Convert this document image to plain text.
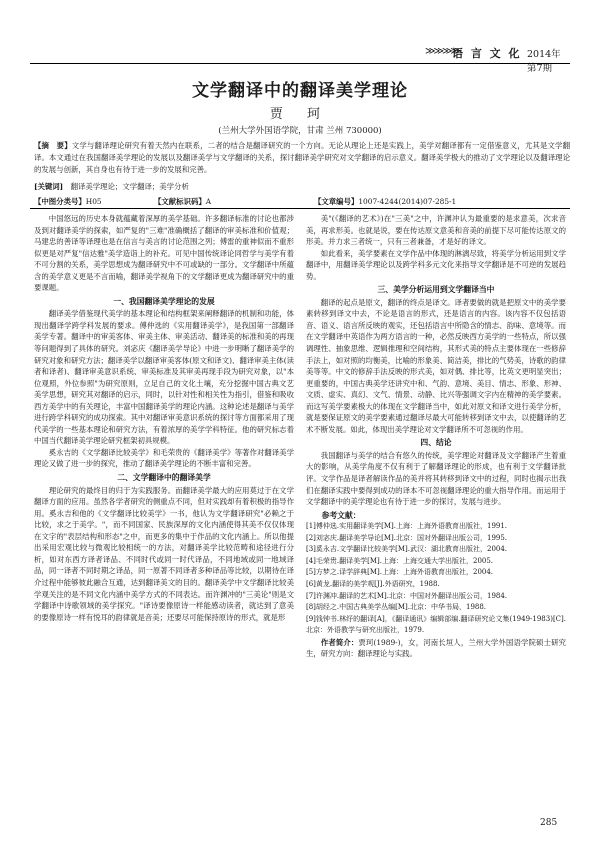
≫≫≫≫
语 言 文 化 2014年第7期
文学翻译中的翻译美学理论
贾 珂
(兰州大学外国语学院，甘肃 兰州 730000)
【摘　要】文学与翻译理论研究有着天然内在联系，二者的结合是翻译研究的一个方向。无论从理论上还是实践上，美学对翻译都有一定借鉴意义，尤其是文学翻译。本文通过在我国翻译美学理论的发展以及翻译美学与文学翻译的关系，探讨翻译美学研究对文学翻译的启示意义。翻译美学极大的推动了文学理论以及翻译理论的发展与创新，其自身也有待于进一步的发展和完善。
[关键词]　 翻译美学理论；文学翻译；美学分析
【中图分类号】H05	【文献标识码】A	【文章编号】1007-4244(2014)07-285-1

中国悠远的历史本身就蕴藏着深厚的美学基础。许多翻译标准的讨论也都涉及到对翻译美学的探索，如严复的"三难"准确概括了翻译的审美标准和价值观；马建忠的善译等译理也是在信言与美言的讨论范围之列；傅雷的重神似而不重形似更是对严复"信达雅"美学造诣上的补充。可见中国传统译论同哲学与美学有着不可分割的关系，美学思想成为翻译研究中不可或缺的一部分。文学翻译中所蕴含的美学意义更是不言而喻，翻译美学视角下的文学翻译更成为翻译研究中的重要课题。

一、我国翻译美学理论的发展

翻译美学借鉴现代美学的基本理论和结构框架来阐释翻译的机制和功能，体现出翻译学跨学科发展的要求。傅仲选的《实用翻译美学》，是我国第一部翻译美学专著。翻译中的审美客体、审美主体、审美活动、翻译美的标准和美的再现等问题得到了具体的研究。刘宓庆《翻译美学导论》中进一步明晰了翻译美学的研究对象和研究方法；翻译美学以翻译审美客体(原文和译文)、翻译审美主体(读者和译者)、翻译审美意识系统、审美标准及其审美再现手段为研究对象，以"本位观照，外位参照"为研究原则，立足自己的文化土壤，充分挖掘中国古典文艺美学思想，研究其对翻译的启示，同时，以针对性和相关性为指引，借鉴和吸收西方美学中的有关理论，丰富中国翻译美学的理论内涵。这种论述是翻译与美学进行跨学科研究的成功探索。其中对翻译审美意识系统的探讨等方面都采用了现代美学的一些基本理论和研究方法，有着浓厚的美学学科特征。他的研究标志着中国当代翻译美学理论研究框架初具规模。

奚永吉的《文学翻译比较美学》和毛荣贵的《翻译美学》等著作对翻译美学理论又做了进一步的探究，推动了翻译美学理论的不断丰富和完善。

二、文学翻译中的翻译美学

理论研究的最终目的归于为实践服务。而翻译美学最大的应用莫过于在文学翻译方面的应用。虽然各学者研究的侧重点不同，但对实践却有着积极的指导作用。奚永吉和他的《文学翻译比较美学》一书，他认为文学翻译研究"必赖之于比较，求之于美学。"，而不同国家、民族深厚的文化内涵使得其美不仅仅体现在文字的"表层结构和形态"之中，而更多的集中于作品的文化内涵上。所以他提出采用宏观比较与微观比较相统一的方法，对翻译美学比较范畴和途径进行分析，如对东西方译者译品、不同时代或同一时代译品，不同地域或同一地域译品，同一译者不同时期之译品，同一原著不同译者多种译品等比较，以期待在译介过程中能够彼此融合互通，达到翻译美文的目的。翻译美学中文学翻译比较美学观关注的是不同文化内涵中美学方式的不同表达。而许渊冲的"三美论"则是文学翻译中诗歌领域的美学探究。"译诗要像原诗一样能感动读者，就达到了意美的要像原诗一样有悦耳的韵律就是音美；还要尽可能保持原诗的形式，就是形

美"(《翻译的艺术》)在"三美"之中，许渊冲认为最重要的是求意美，次求音美，再求形美。也就是说，要在传达原文意美和音美的前提下尽可能传达原文的形美。并力求三者统一，只有三者兼备，才是好的译文。

如此看来，美学要素在文学作品中体现的淋漓尽致，将美学分析运用到文学翻译中，用翻译美学理论以及跨学科多元文化来指导文学翻译是不可逆的发展趋势。

三、美学分析运用到文学翻译当中

翻译的起点是原文，翻译的终点是译文。译者要做的就是把原文中的美学要素转移到译文中去，不论是语言的形式，还是语言的内容。该内容不仅包括语音、语义、语言所反映的观实，还包括语言中所隐含的情志、韵味、意境等。而在文学翻译中英语作为两方语言的一种，必然反映西方美学的一些特点，所以强调理性、抽象思维、逻辑推理和空间结构，其形式美的特点主要体现在一些修辞手法上，如对照的均衡美，比喻的形象美、简洁美，排比的气势美，诗歌的韵律美等等。中文的修辞手法反映的形式美，如对偶、排比等，比英文更明显突出；更重要的，中国古典美学还讲究中和、气韵、意境、美目、情志、形象、形神、文质、虚实、真幻、文气、情景、动静、比兴等强调文字内在精神的美学要素。而这写美学要素极大的体现在文学翻译当中，如此对原文和译文进行美学分析，就是要保证原文的美学要素通过翻译尽最大可能转移到译文中去，以使翻译的艺术不断发展。如此，体现出美学理论对文学翻译所不可忽视的作用。

四、结论

我国翻译与美学的结合有悠久的传统，美学理论对翻译及文学翻译产生着重大的影响，从美学角度不仅有利于了解翻译理论的形成，也有利于文学翻译批评。文学作品是译者解读作品的美并将其转移到译文中的过程，同时也揭示出我们在翻译实践中要得到成功的译本不可忽视翻译理论的重大指导作用。而运用于文学翻译中的美学理论也有待于进一步的探讨，发展与进步。

参考文献：
[1]傅仲选.实用翻译美学[M].上海：上海外语教育出版社，1991.
[2]刘宓庆.翻译美学导论[M].北京：国对外翻译出版公司，1995.
[3]奚永吉.文学翻译比较美学[M].武汉：湖北教育出版社，2004.
[4]毛荣贵.翻译美学[M].上海：上海交通大学出版社，2005.
[5]方梦之.译学辞典[M].上海：上海外语教育出版社，2004.
[6]黄龙.翻译的美学观[J].外语研究，1988.
[7]许渊冲.翻译的艺术[M].北京：中国对外翻译出版公司，1984.
[8]胡经之.中国古典美学丛编[M].北京：中华书局，1988.
[9]钱钟书.林纾的翻译[A]，《翻译通讯》编辑部编.翻译研究论文集(1949-1983)[C].北京：外语教学与研究出版社，1979.

作者简介：贾珂(1989-)，女，河南长垣人，兰州大学外国语学院硕士研究生，研究方向：翻译理论与实践。

285
